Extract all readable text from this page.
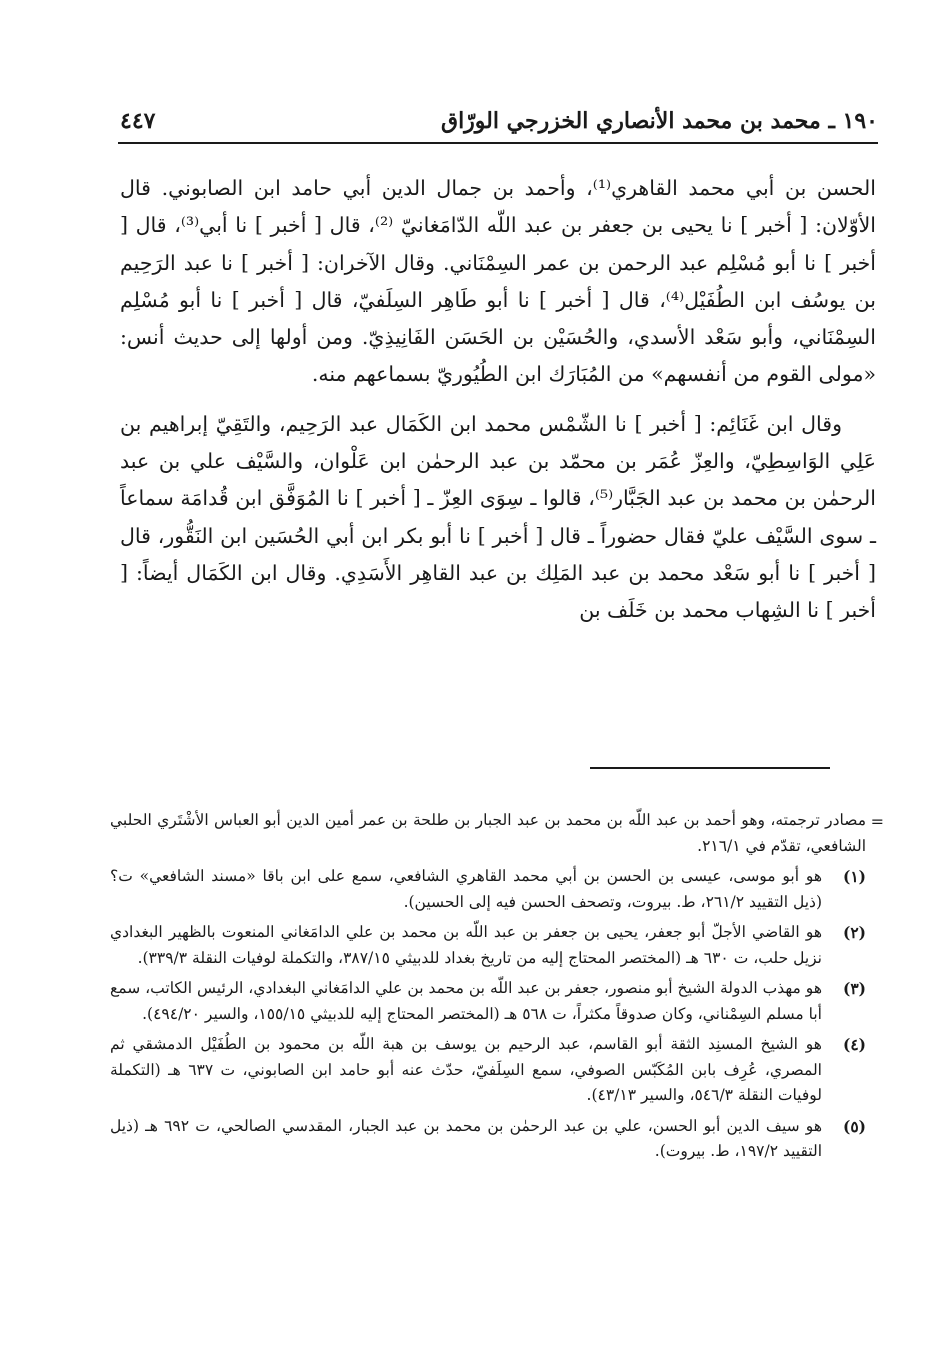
١٩٠ ـ محمد بن محمد الأنصاري الخزرجي الورّاق
٤٤٧

الحسن بن أبي محمد القاهري⁽¹⁾، وأحمد بن جمال الدين أبي حامد ابن الصابوني. قال الأوّلان: [ أخبر ] نا يحيى بن جعفر بن عبد اللّه الدّامَغانيّ ⁽²⁾، قال [ أخبر ] نا أبي⁽³⁾، قال [ أخبر ] نا أبو مُسْلِم عبد الرحمن بن عمر السِمْنَاني. وقال الآخران: [ أخبر ] نا عبد الرَحِيم بن يوسُف ابن الطُفَيْل⁽⁴⁾، قال [ أخبر ] نا أبو طَاهِر السِلَفيّ، قال [ أخبر ] نا أبو مُسْلِم السِمْنَاني، وأبو سَعْد الأسدي، والحُسَيْن بن الحَسَن الفَانِيذِيّ. ومن أولها إلى حديث أنس: «مولى القوم من أنفسهم» من المُبَارَك ابن الطُيُوريّ بسماعهم منه.

وقال ابن غَنَائِم: [ أخبر ] نا الشّمْس محمد ابن الكَمَال عبد الرَحِيم، والتَقِيّ إبراهيم بن عَلِي الوَاسِطِيّ، والعِزّ عُمَر بن محمّد بن عبد الرحمٰن ابن عَلْوان، والسَّيْف علي بن عبد الرحمٰن بن محمد بن عبد الجَبَّار⁽⁵⁾، قالوا ـ سِوَى العِزّ ـ [ أخبر ] نا المُوَفَّق ابن قُدامَة سماعاً ـ سوى السَّيْف عليّ فقال حضوراً ـ قال [ أخبر ] نا أبو بكر ابن أبي الحُسَين ابن النَقُّور، قال [ أخبر ] نا أبو سَعْد محمد بن عبد المَلِك بن عبد القاهِر الأَسَدِي. وقال ابن الكَمَال أيضاً: [ أخبر ] نا الشِهاب محمد بن خَلَف بن

=
مصادر ترجمته، وهو أحمد بن عبد اللّه بن محمد بن عبد الجبار بن طلحة بن عمر أمين الدين أبو العباس الأشْتَري الحلبي الشافعي، تقدّم في ٢١٦/١.
(١)
هو أبو موسى، عيسى بن الحسن بن أبي محمد القاهري الشافعي، سمع على ابن باقا «مسند الشافعي» ت؟ (ذيل التقييد ٢٦١/٢، ط. بيروت، وتصحف الحسن فيه إلى الحسين).
(٢)
هو القاضي الأجلّ أبو جعفر، يحيى بن جعفر بن عبد اللّه بن محمد بن علي الدامَغاني المنعوت بالظهير البغدادي نزيل حلب، ت ٦٣٠ هـ (المختصر المحتاج إليه من تاريخ بغداد للدبيثي ٣٨٧/١٥، والتكملة لوفيات النقلة ٣٣٩/٣).
(٣)
هو مهذب الدولة الشيخ أبو منصور، جعفر بن عبد اللّه بن محمد بن علي الدامَغاني البغدادي، الرئيس الكاتب، سمع أبا مسلم السِمْناني، وكان صدوقاً مكثراً، ت ٥٦٨ هـ (المختصر المحتاج إليه للدبيثي ١٥٥/١٥، والسير ٤٩٤/٢٠).
(٤)
هو الشيخ المسنِد الثقة أبو القاسم، عبد الرحيم بن يوسف بن هبة اللّه بن محمود بن الطُفَيْل الدمشقي ثم المصري، عُرِف بابن المُكَبّس الصوفي، سمع السِلَفيّ، حدّث عنه أبو حامد ابن الصابوني، ت ٦٣٧ هـ (التكملة لوفيات النقلة ٥٤٦/٣، والسير ٤٣/١٣).
(٥)
هو سيف الدين أبو الحسن، علي بن عبد الرحمٰن بن محمد بن عبد الجبار، المقدسي الصالحي، ت ٦٩٢ هـ (ذيل التقييد ١٩٧/٢، ط. بيروت).
